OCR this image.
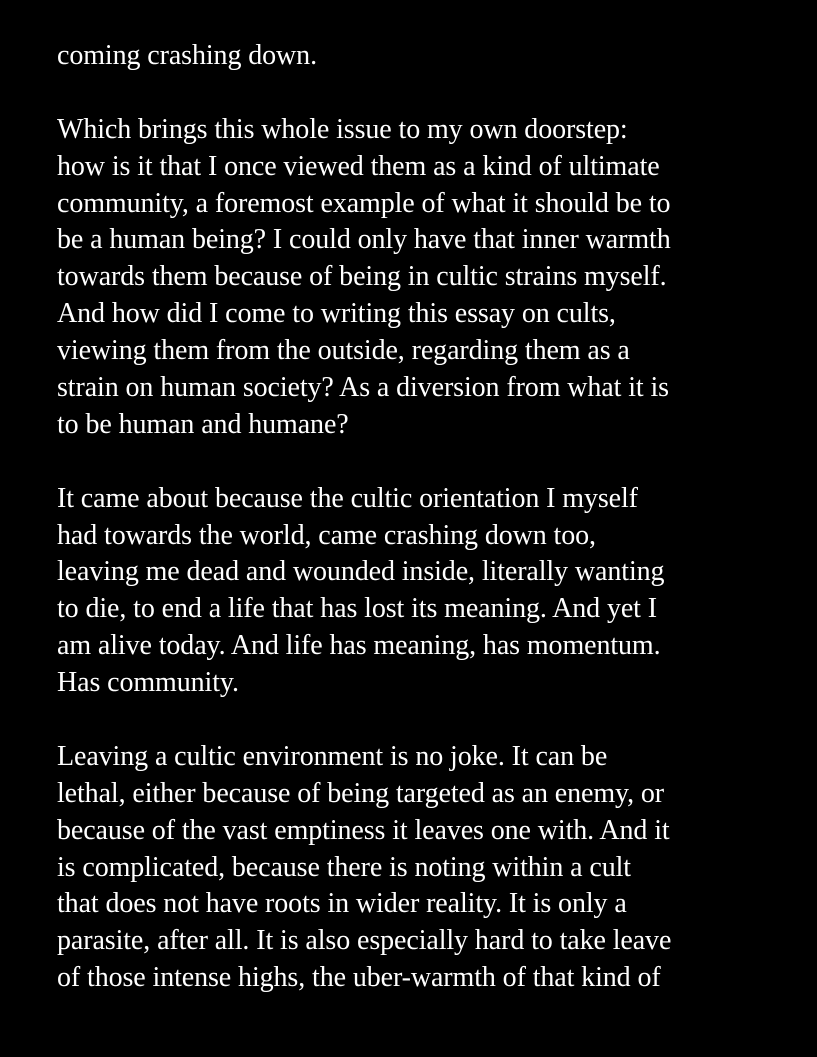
coming crashing down.
Which brings this whole issue to my own doorstep:
how is it that I once viewed them as a kind of ultimate
community, a foremost example of what it should be to
be a human being? I could only have that inner warmth
towards them because of being in cultic strains myself.
And how did I come to writing this essay on cults,
viewing them from the outside, regarding them as a
strain on human society? As a diversion from what it is
to be human and humane?
It came about because the cultic orientation I myself
had towards the world, came crashing down too,
leaving me dead and wounded inside, literally wanting
to die, to end a life that has lost its meaning. And yet I
am alive today. And life has meaning, has momentum.
Has community.
Leaving a cultic environment is no joke. It can be
lethal, either because of being targeted as an enemy, or
because of the vast emptiness it leaves one with. And it
is complicated, because there is noting within a cult
that does not have roots in wider reality. It is only a
parasite, after all. It is also especially hard to take leave
of those intense highs, the uber-warmth of that kind of
